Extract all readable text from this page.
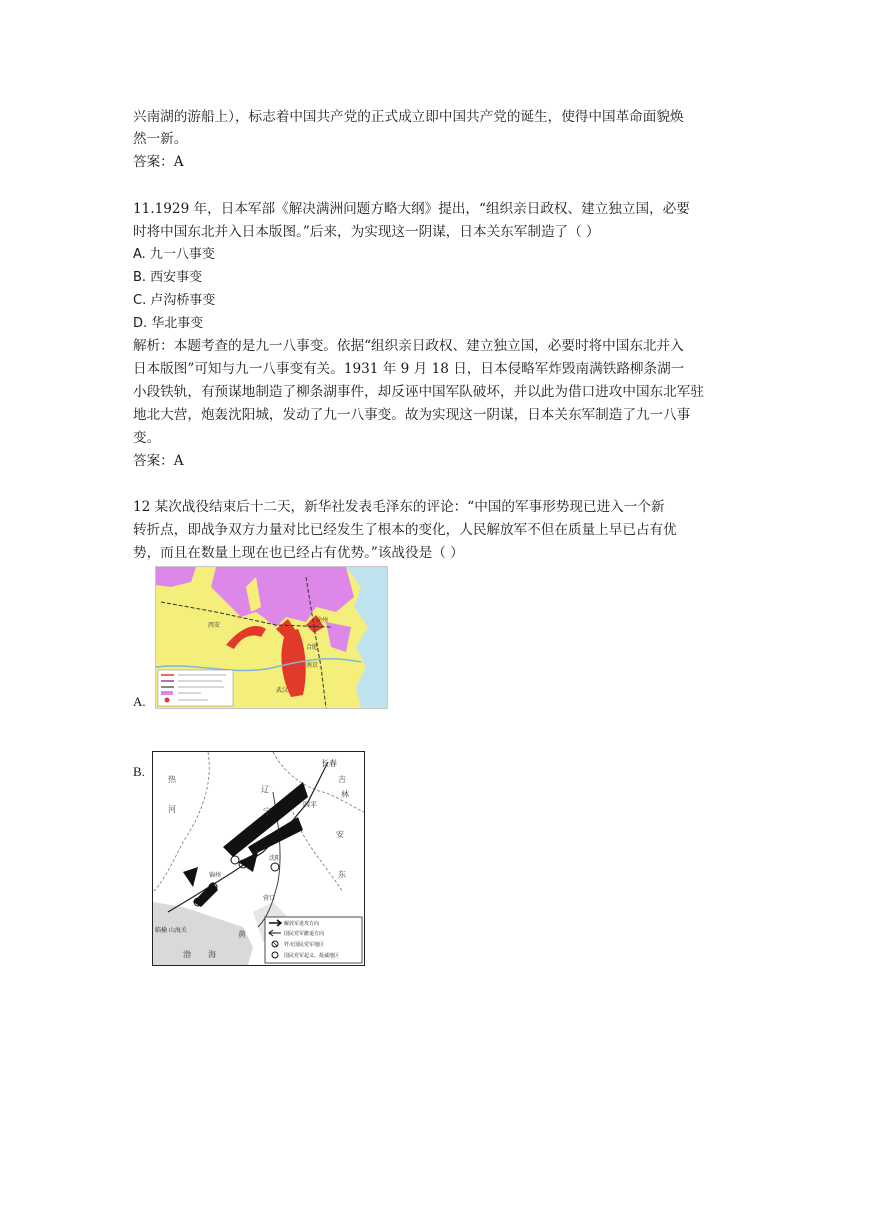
兴南湖的游船上），标志着中国共产党的正式成立即中国共产党的诞生，使得中国革命面貌焕
然一新。
答案：A
11.1929 年，日本军部《解决满洲问题方略大纲》提出，“组织亲日政权、建立独立国，必要
时将中国东北并入日本版图。”后来，为实现这一阴谋，日本关东军制造了（ ）
A. 九一八事变
B. 西安事变
C. 卢沟桥事变
D. 华北事变
解析：本题考查的是九一八事变。依据“组织亲日政权、建立独立国，必要时将中国东北并入
日本版图”可知与九一八事变有关。1931 年 9 月 18 日，日本侵略军炸毁南满铁路柳条湖一
小段铁轨，有预谋地制造了柳条湖事件，却反诬中国军队破坏，并以此为借口进攻中国东北军驻
地北大营，炮轰沈阳城，发动了九一八事变。故为实现这一阴谋，日本关东军制造了九一八事
变。
答案：A
12 某次战役结束后十二天，新华社发表毛泽东的评论：“中国的军事形势现已进入一个新
转折点，即战争双方力量对比已经发生了根本的变化，人民解放军不但在质量上早已占有优
势，而且在数量上现在也已经占有优势。”该战役是（ ）
A.
西安
南京
武汉
合肥
徐州
B.
长春
吉
林
四平
热
河
辽
宁
安
东
锦州
沈阳
营口
临榆 山海关
渤 海
黄
解放军进攻方向
国民党军撤退方向
歼灭国民党军地区
国民党军起义、投诚地区
